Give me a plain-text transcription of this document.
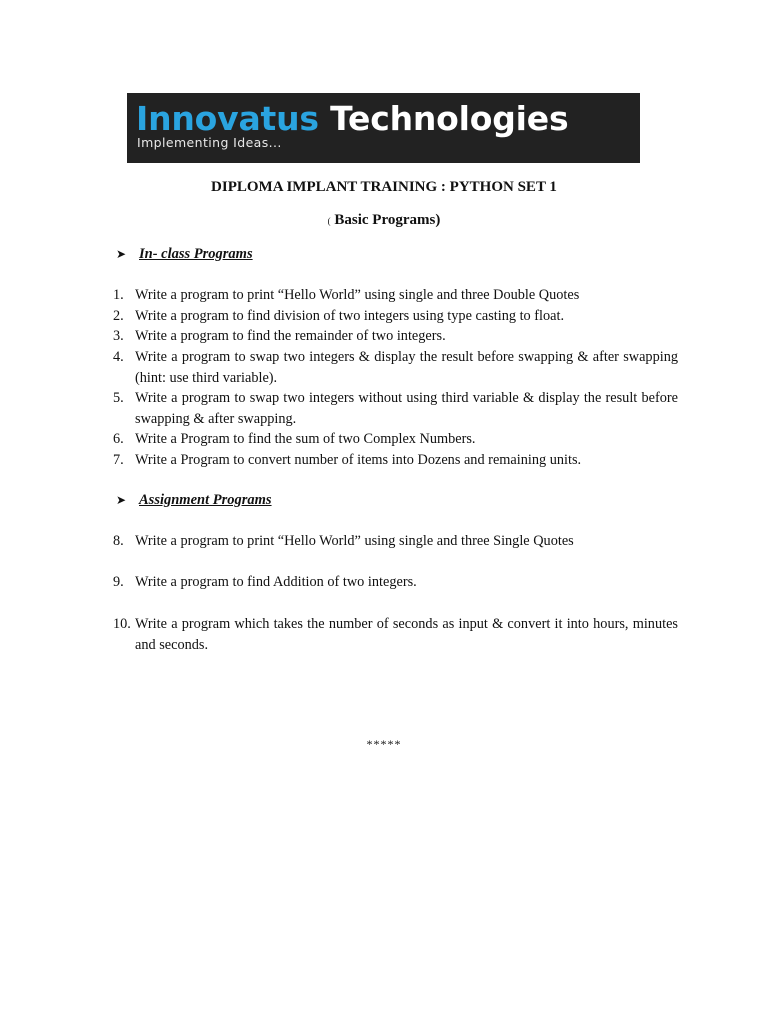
Innovatus Technologies
Implementing Ideas...
DIPLOMA IMPLANT TRAINING : PYTHON SET 1
( Basic Programs)
➤ In- class Programs
1. Write a program to print “Hello World” using single and three Double Quotes
2. Write a program to find division of two integers using type casting to float.
3. Write a program to find the remainder of two integers.
4. Write a program to swap two integers & display the result before swapping & after swapping (hint: use third variable).
5. Write a program to swap two integers without using third variable & display the result before swapping & after swapping.
6. Write a Program to find the sum of two Complex Numbers.
7. Write a Program to convert number of items into Dozens and remaining units.
➤ Assignment Programs
8. Write a program to print “Hello World” using single and three Single Quotes
9. Write a program to find Addition of two integers.
10. Write a program which takes the number of seconds as input & convert it into hours, minutes and seconds.
*****
